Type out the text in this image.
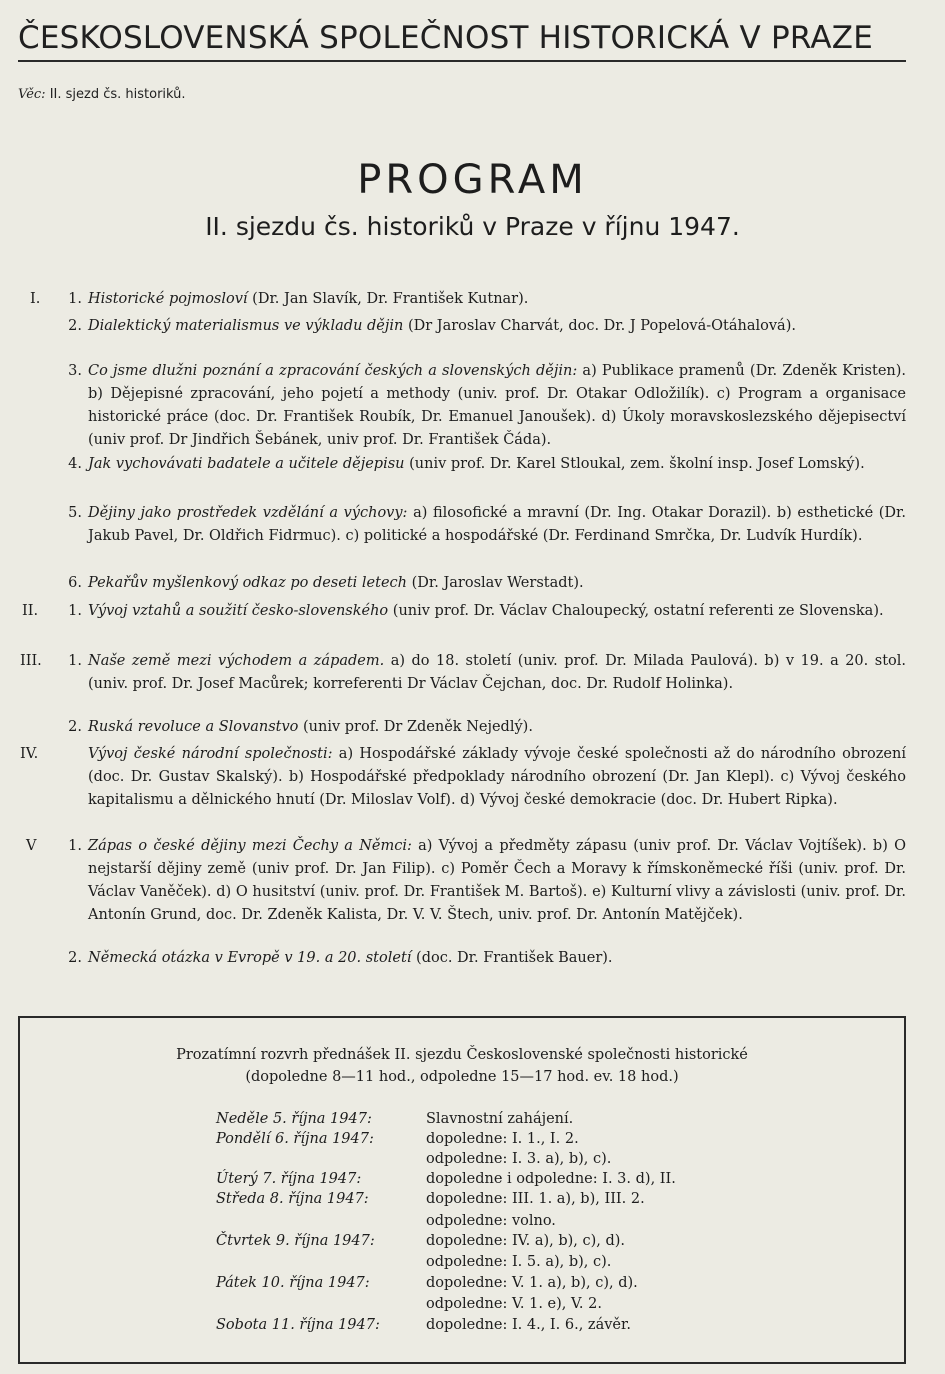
ČESKOSLOVENSKÁ SPOLEČNOST HISTORICKÁ V PRAZE
Věc: II. sjezd čs. historiků.
PROGRAM
II. sjezdu čs. historiků v Praze v říjnu 1947.
I.	1. Historické pojmosloví (Dr. Jan Slavík, Dr. František Kutnar).
2. Dialektický materialismus ve výkladu dějin (Dr Jaroslav Charvát, doc. Dr. J Popelová-Otáhalová).
3. Co jsme dlužni poznání a zpracování českých a slovenských dějin: a) Publikace pramenů (Dr. Zdeněk Kristen). b) Dějepisné zpracování, jeho pojetí a methody (univ. prof. Dr. Otakar Odložilík). c) Program a organisace historické práce (doc. Dr. František Roubík, Dr. Emanuel Janoušek). d) Úkoly moravskoslezského dějepisectví (univ prof. Dr Jindřich Šebánek, univ prof. Dr. František Čáda).
4. Jak vychovávati badatele a učitele dějepisu (univ prof. Dr. Karel Stloukal, zem. školní insp. Josef Lomský).
5. Dějiny jako prostředek vzdělání a výchovy: a) filosofické a mravní (Dr. Ing. Otakar Dorazil). b) esthetické (Dr. Jakub Pavel, Dr. Oldřich Fidrmuc). c) politické a hospodářské (Dr. Ferdinand Smrčka, Dr. Ludvík Hurdík).
6. Pekařův myšlenkový odkaz po deseti letech (Dr. Jaroslav Werstadt).
II.	1. Vývoj vztahů a soužití česko-slovenského (univ prof. Dr. Václav Chaloupecký, ostatní referenti ze Slovenska).
III.	1. Naše země mezi východem a západem. a) do 18. století (univ. prof. Dr. Milada Paulová). b) v 19. a 20. stol. (univ. prof. Dr. Josef Macůrek; korreferenti Dr Václav Čejchan, doc. Dr. Rudolf Holinka).
2. Ruská revoluce a Slovanstvo (univ prof. Dr Zdeněk Nejedlý).
IV.	Vývoj české národní společnosti: a) Hospodářské základy vývoje české společnosti až do národního obrození (doc. Dr. Gustav Skalský). b) Hospodářské předpoklady národního obrození (Dr. Jan Klepl). c) Vývoj českého kapitalismu a dělnického hnutí (Dr. Miloslav Volf). d) Vývoj české demokracie (doc. Dr. Hubert Ripka).
V	1. Zápas o české dějiny mezi Čechy a Němci: a) Vývoj a předměty zápasu (univ prof. Dr. Václav Vojtíšek). b) O nejstarší dějiny země (univ prof. Dr. Jan Filip). c) Poměr Čech a Moravy k římskoněmecké říši (univ. prof. Dr. Václav Vaněček). d) O husitství (univ. prof. Dr. František M. Bartoš). e) Kulturní vlivy a závislosti (univ. prof. Dr. Antonín Grund, doc. Dr. Zdeněk Kalista, Dr. V. V. Štech, univ. prof. Dr. Antonín Matějček).
2. Německá otázka v Evropě v 19. a 20. století (doc. Dr. František Bauer).
Prozatímní rozvrh přednášek II. sjezdu Československé společnosti historické
(dopoledne 8—11 hod., odpoledne 15—17 hod. ev. 18 hod.)
Neděle 5. října 1947:	Slavnostní zahájení.
Pondělí 6. října 1947:	dopoledne: I. 1., I. 2.
odpoledne: I. 3. a), b), c).
Úterý 7. října 1947:	dopoledne i odpoledne: I. 3. d), II.
Středa 8. října 1947:	dopoledne: III. 1. a), b), III. 2.
odpoledne: volno.
Čtvrtek 9. října 1947:	dopoledne: IV. a), b), c), d).
odpoledne: I. 5. a), b), c).
Pátek 10. října 1947:	dopoledne: V. 1. a), b), c), d).
odpoledne: V. 1. e), V. 2.
Sobota 11. října 1947:	dopoledne: I. 4., I. 6., závěr.
